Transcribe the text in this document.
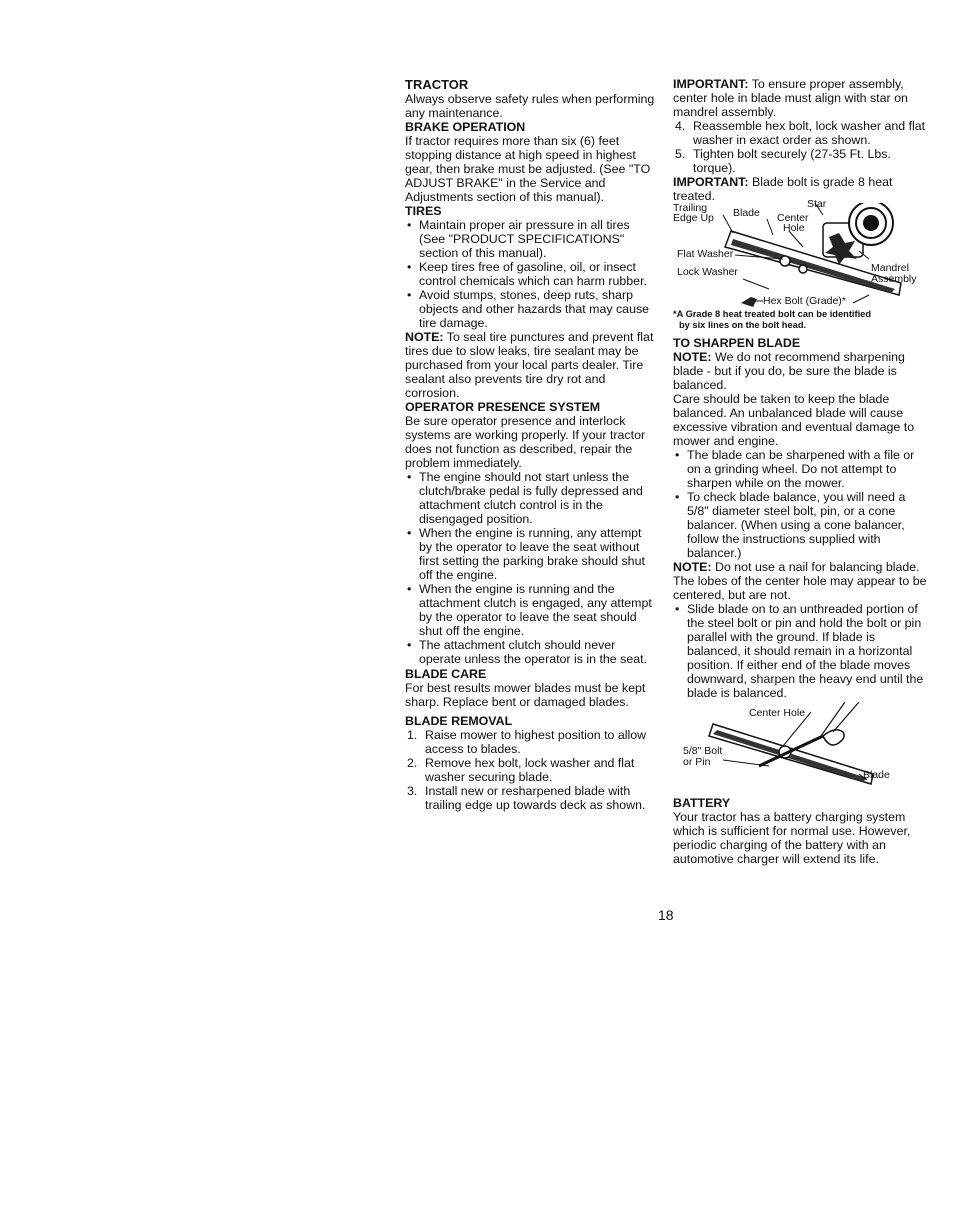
TRACTOR

Always observe safety rules when performing any maintenance.

BRAKE OPERATION

If tractor requires more than six (6) feet stopping distance at high speed in highest gear, then brake must be adjusted. (See "TO ADJUST BRAKE" in the Service and Adjustments section of this manual).

TIRES
• Maintain proper air pressure in all tires (See "PRODUCT SPECIFICATIONS" section of this manual).
• Keep tires free of gasoline, oil, or insect control chemicals which can harm rubber.
• Avoid stumps, stones, deep ruts, sharp objects and other hazards that may cause tire damage.

NOTE: To seal tire punctures and prevent flat tires due to slow leaks, tire sealant may be purchased from your local parts dealer. Tire sealant also prevents tire dry rot and corrosion.

OPERATOR PRESENCE SYSTEM

Be sure operator presence and interlock systems are working properly. If your tractor does not function as described, repair the problem immediately.

• The engine should not start unless the clutch/brake pedal is fully depressed and attachment clutch control is in the disengaged position.
• When the engine is running, any attempt by the operator to leave the seat without first setting the parking brake should shut off the engine.
• When the engine is running and the attachment clutch is engaged, any attempt by the operator to leave the seat should shut off the engine.
• The attachment clutch should never operate unless the operator is in the seat.
BLADE CARE

For best results mower blades must be kept sharp. Replace bent or damaged blades.

BLADE REMOVAL
1. Raise mower to highest position to allow access to blades.
2. Remove hex bolt, lock washer and flat washer securing blade.
3. Install new or resharpened blade with trailing edge up towards deck as shown.

IMPORTANT: To ensure proper assembly, center hole in blade must align with star on mandrel assembly.

4. Reassemble hex bolt, lock washer and flat washer in exact order as shown.
5. Tighten bolt securely (27-35 Ft. Lbs. torque).

IMPORTANT: Blade bolt is grade 8 heat treated.

Trailing
Edge Up Blade
Star
Center
Hole
Flat Washer
Lock Washer	Mandrel
Assembly
Hex Bolt (Grade)*

*A Grade 8 heat treated bolt can be identified
by six lines on the bolt head.

TO SHARPEN BLADE

NOTE: We do not recommend sharpening blade - but if you do, be sure the blade is balanced.

Care should be taken to keep the blade balanced. An unbalanced blade will cause excessive vibration and eventual damage to mower and engine.

• The blade can be sharpened with a file or on a grinding wheel. Do not attempt to sharpen while on the mower.
• To check blade balance, you will need a 5/8" diameter steel bolt, pin, or a cone balancer. (When using a cone balancer, follow the instructions supplied with balancer.)

NOTE: Do not use a nail for balancing blade. The lobes of the center hole may appear to be centered, but are not.

• Slide blade on to an unthreaded portion of the steel bolt or pin and hold the bolt or pin parallel with the ground. If blade is balanced, it should remain in a horizontal position. If either end of the blade moves downward, sharpen the heavy end until the blade is balanced.
Center Hole
5/8" Bolt
or Pin
Blade
BATTERY

Your tractor has a battery charging system which is sufficient for normal use. However, periodic charging of the battery with an automotive charger will extend its life.

18
